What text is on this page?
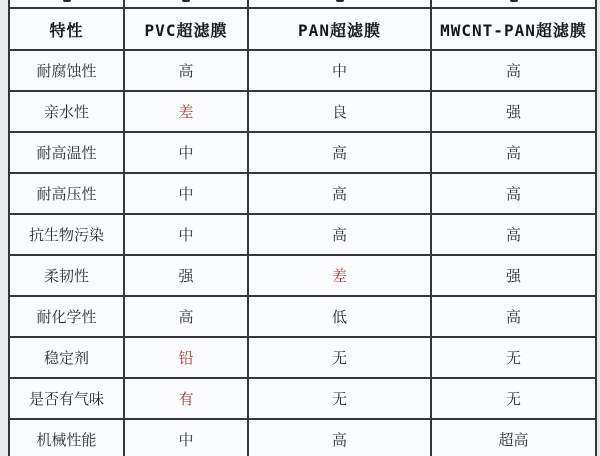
特性	PVC超滤膜	PAN超滤膜	MWCNT-PAN超滤膜
耐腐蚀性	高	中	高
亲水性	差	良	强
耐高温性	中	高	高
耐高压性	中	高	高
抗生物污染	中	高	高
柔韧性	强	差	强
耐化学性	高	低	高
稳定剂	铅	无	无
是否有气味	有	无	无
机械性能	中	高	超高
